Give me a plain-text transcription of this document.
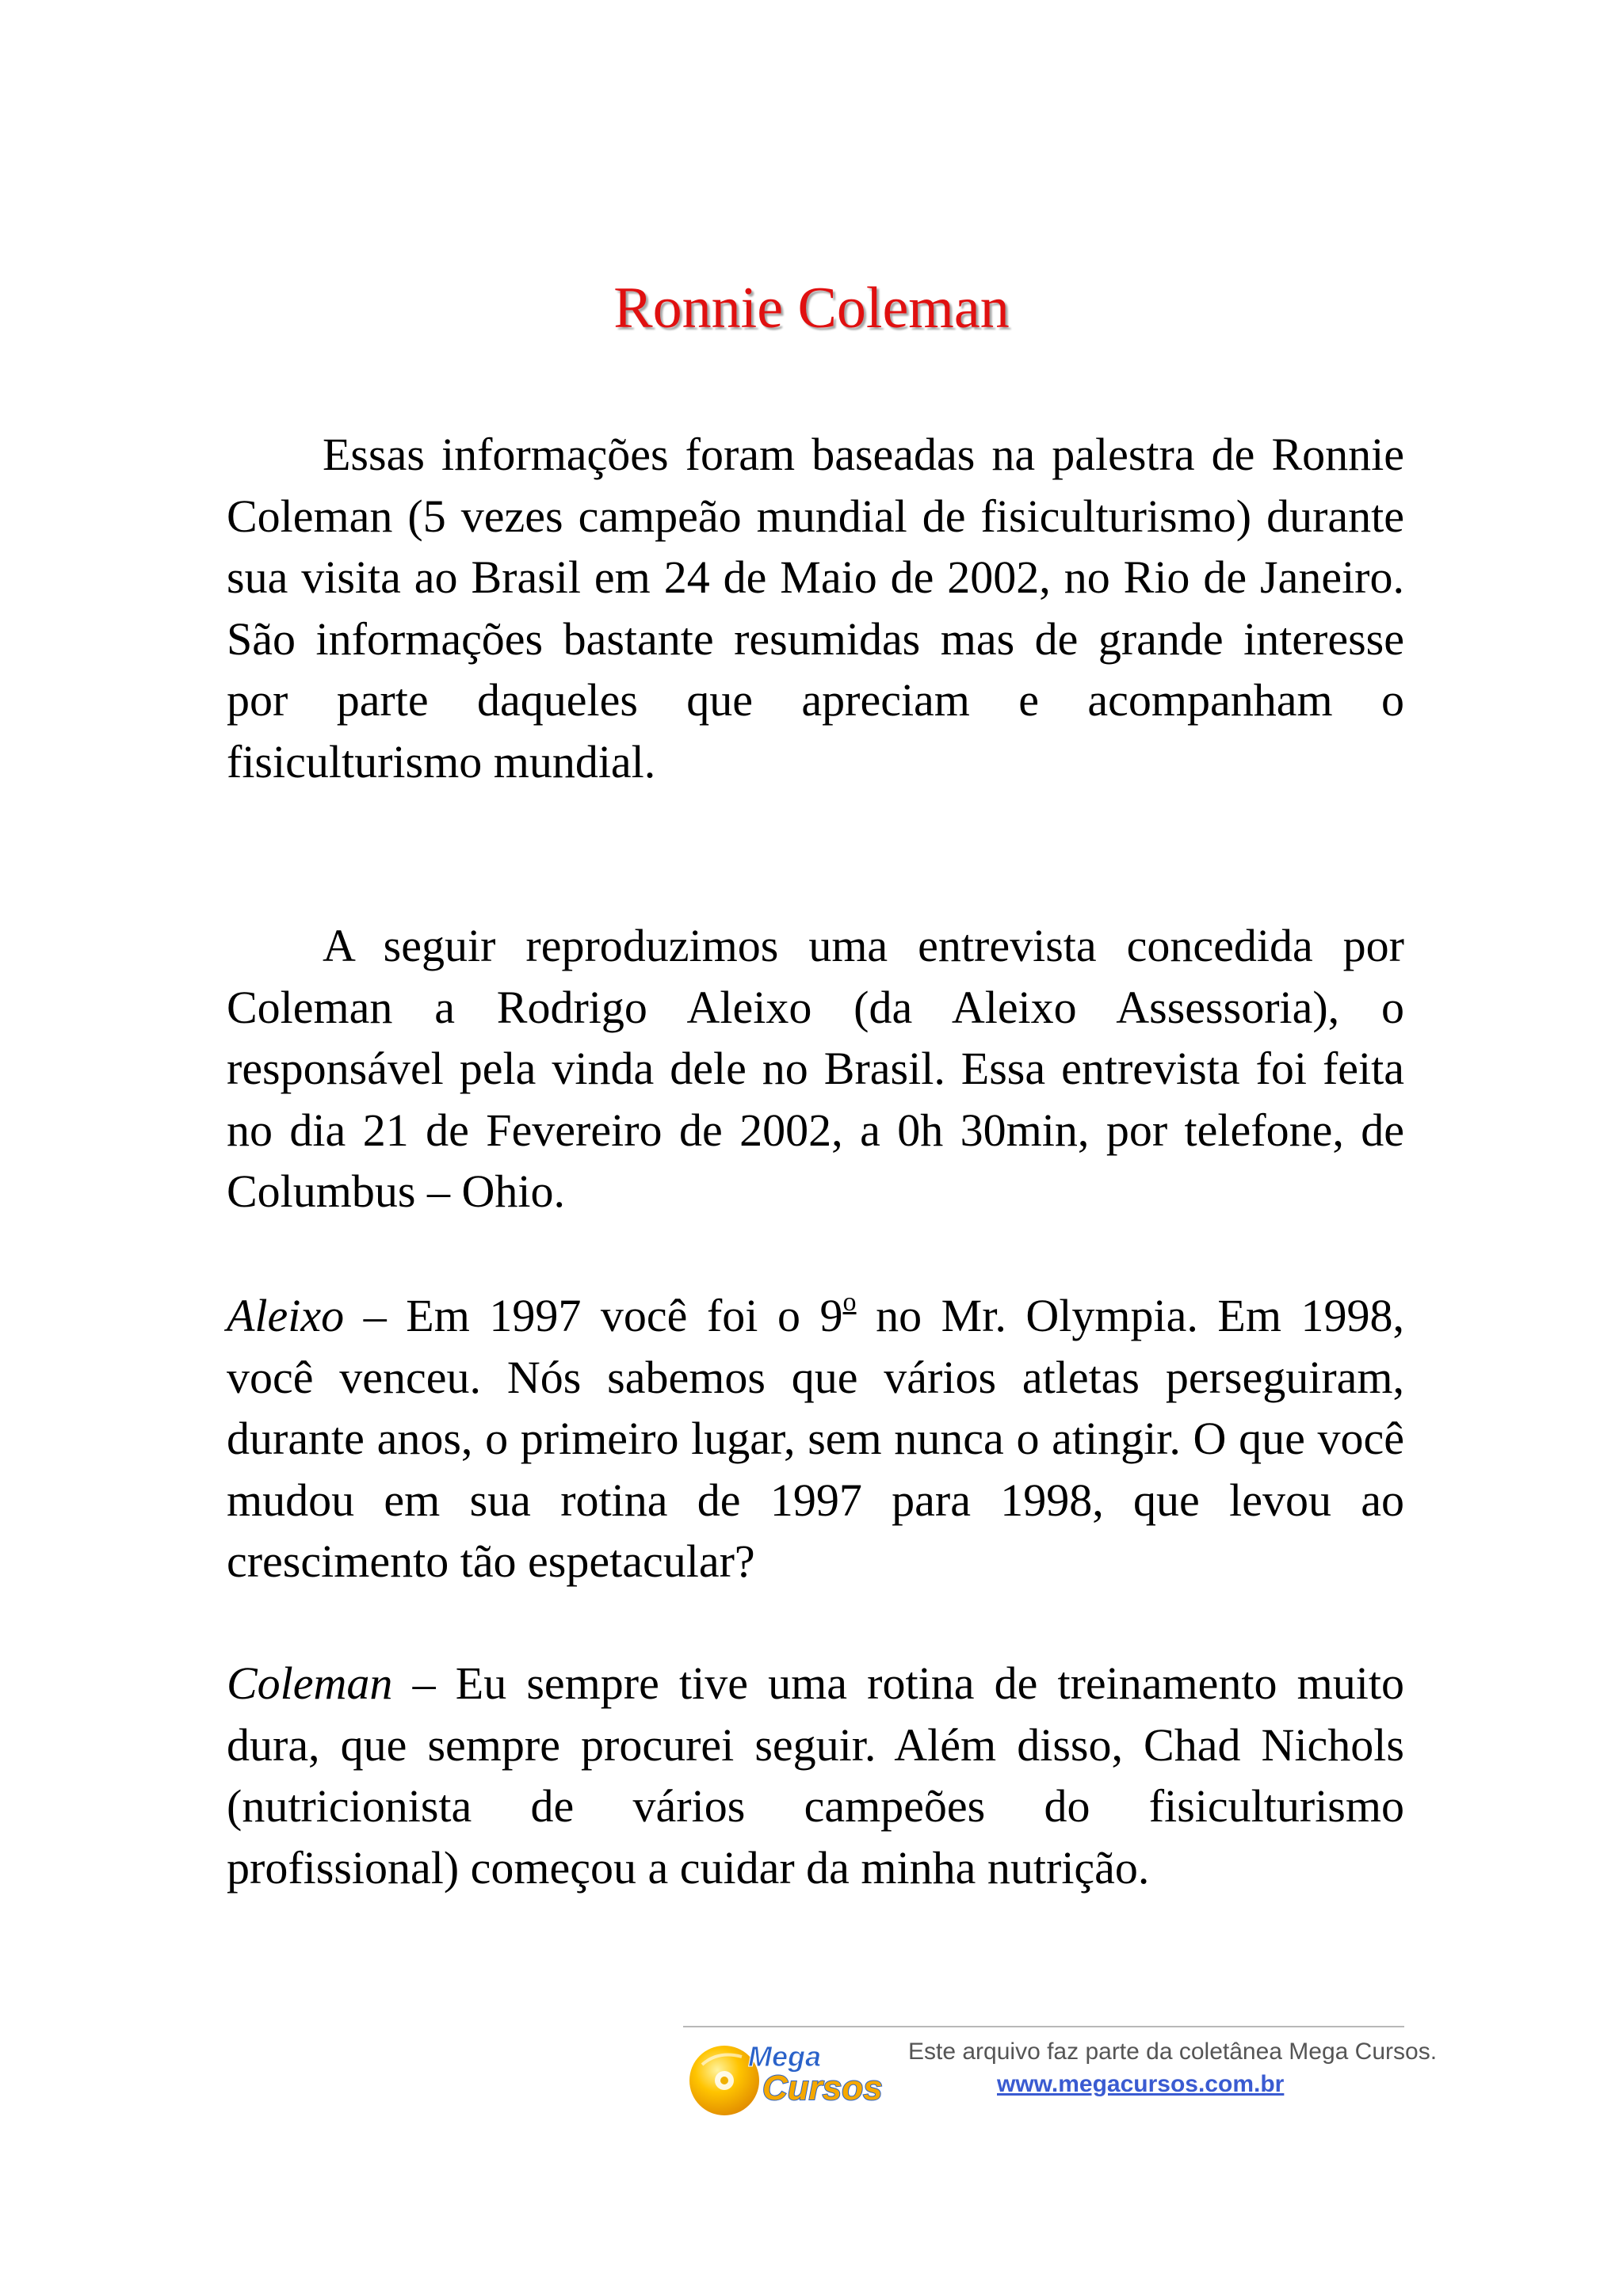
Ronnie Coleman

Essas informações foram baseadas na palestra de Ronnie Coleman (5 vezes campeão mundial de fisiculturismo) durante sua visita ao Brasil em 24 de Maio de 2002, no Rio de Janeiro. São informações bastante resumidas mas de grande interesse por parte daqueles que apreciam e acompanham o fisiculturismo mundial.

A seguir reproduzimos uma entrevista concedida por Coleman a Rodrigo Aleixo (da Aleixo Assessoria), o responsável pela vinda dele no Brasil. Essa entrevista foi feita no dia 21 de Fevereiro de 2002, a 0h 30min, por telefone, de Columbus – Ohio.

Aleixo – Em 1997 você foi o 9$^o$ no Mr. Olympia. Em 1998, você venceu. Nós sabemos que vários atletas perseguiram, durante anos, o primeiro lugar, sem nunca o atingir. O que você mudou em sua rotina de 1997 para 1998, que levou ao crescimento tão espetacular?

Coleman – Eu sempre tive uma rotina de treinamento muito dura, que sempre procurei seguir. Além disso, Chad Nichols (nutricionista de vários campeões do fisiculturismo profissional) começou a cuidar da minha nutrição.

Mega
Cursos
Este arquivo faz parte da coletânea Mega Cursos.
www.megacursos.com.br
